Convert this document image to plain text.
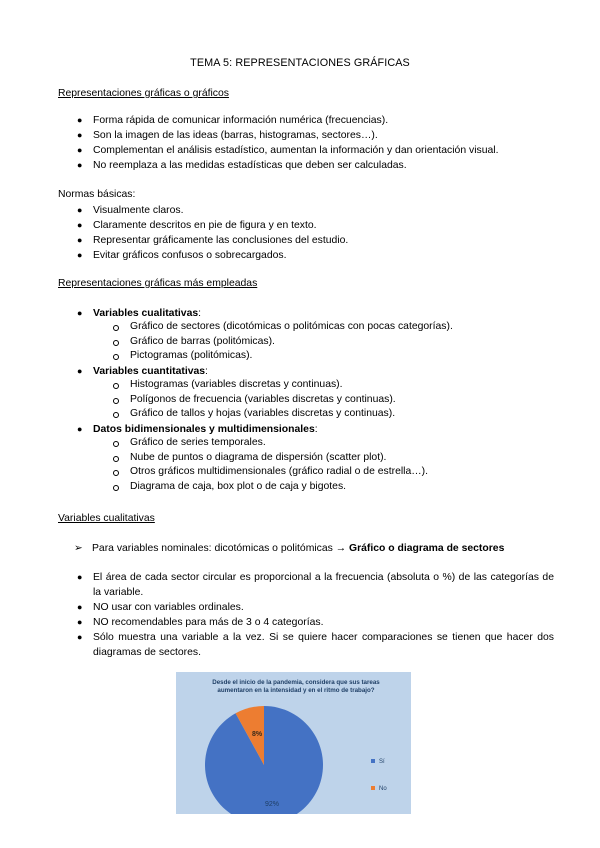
TEMA 5: REPRESENTACIONES GRÁFICAS
Representaciones gráficas o gráficos
● Forma rápida de comunicar información numérica (frecuencias).
● Son la imagen de las ideas (barras, histogramas, sectores…).
● Complementan el análisis estadístico, aumentan la información y dan orientación visual.
● No reemplaza a las medidas estadísticas que deben ser calculadas.
Normas básicas:
● Visualmente claros.
● Claramente descritos en pie de figura y en texto.
● Representar gráficamente las conclusiones del estudio.
● Evitar gráficos confusos o sobrecargados.
Representaciones gráficas más empleadas
● Variables cualitativas:
Gráfico de sectores (dicotómicas o politómicas con pocas categorías).
Gráfico de barras (politómicas).
Pictogramas (politómicas).
● Variables cuantitativas:
Histogramas (variables discretas y continuas).
Polígonos de frecuencia (variables discretas y continuas).
Gráfico de tallos y hojas (variables discretas y continuas).
● Datos bidimensionales y multidimensionales:
Gráfico de series temporales.
Nube de puntos o diagrama de dispersión (scatter plot).
Otros gráficos multidimensionales (gráfico radial o de estrella…).
Diagrama de caja, box plot o de caja y bigotes.
Variables cualitativas
➢ Para variables nominales: dicotómicas o politómicas → Gráfico o diagrama de sectores
● El área de cada sector circular es proporcional a la frecuencia (absoluta o %) de las categorías de la variable.
● NO usar con variables ordinales.
● NO recomendables para más de 3 o 4 categorías.
● Sólo muestra una variable a la vez. Si se quiere hacer comparaciones se tienen que hacer dos diagramas de sectores.
Desde el inicio de la pandemia, considera que sus tareas aumentaron en la intensidad y en el ritmo de trabajo?
92%
8%
Sí
No
